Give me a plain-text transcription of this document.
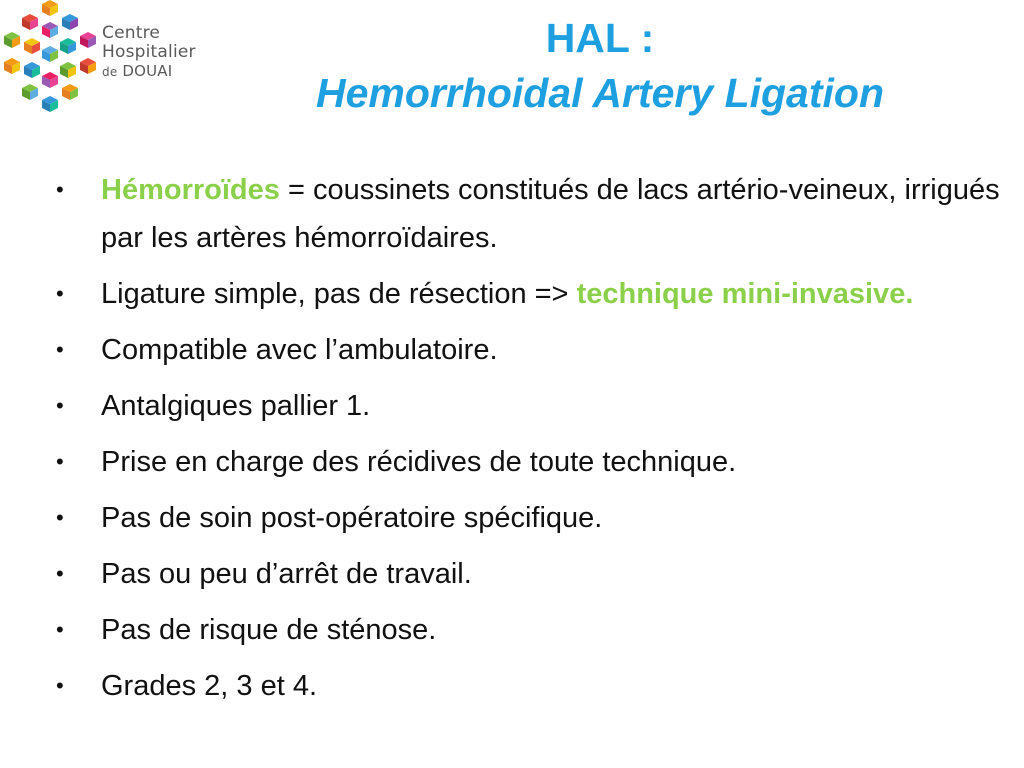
Centre
Hospitalier
de DOUAI
HAL :
Hemorrhoidal Artery Ligation
• Hémorroïdes = coussinets constitués de lacs artério-veineux, irrigués par les artères hémorroïdaires.
• Ligature simple, pas de résection => technique mini-invasive.
• Compatible avec l’ambulatoire.
• Antalgiques pallier 1.
• Prise en charge des récidives de toute technique.
• Pas de soin post-opératoire spécifique.
• Pas ou peu d’arrêt de travail.
• Pas de risque de sténose.
• Grades 2, 3 et 4.
